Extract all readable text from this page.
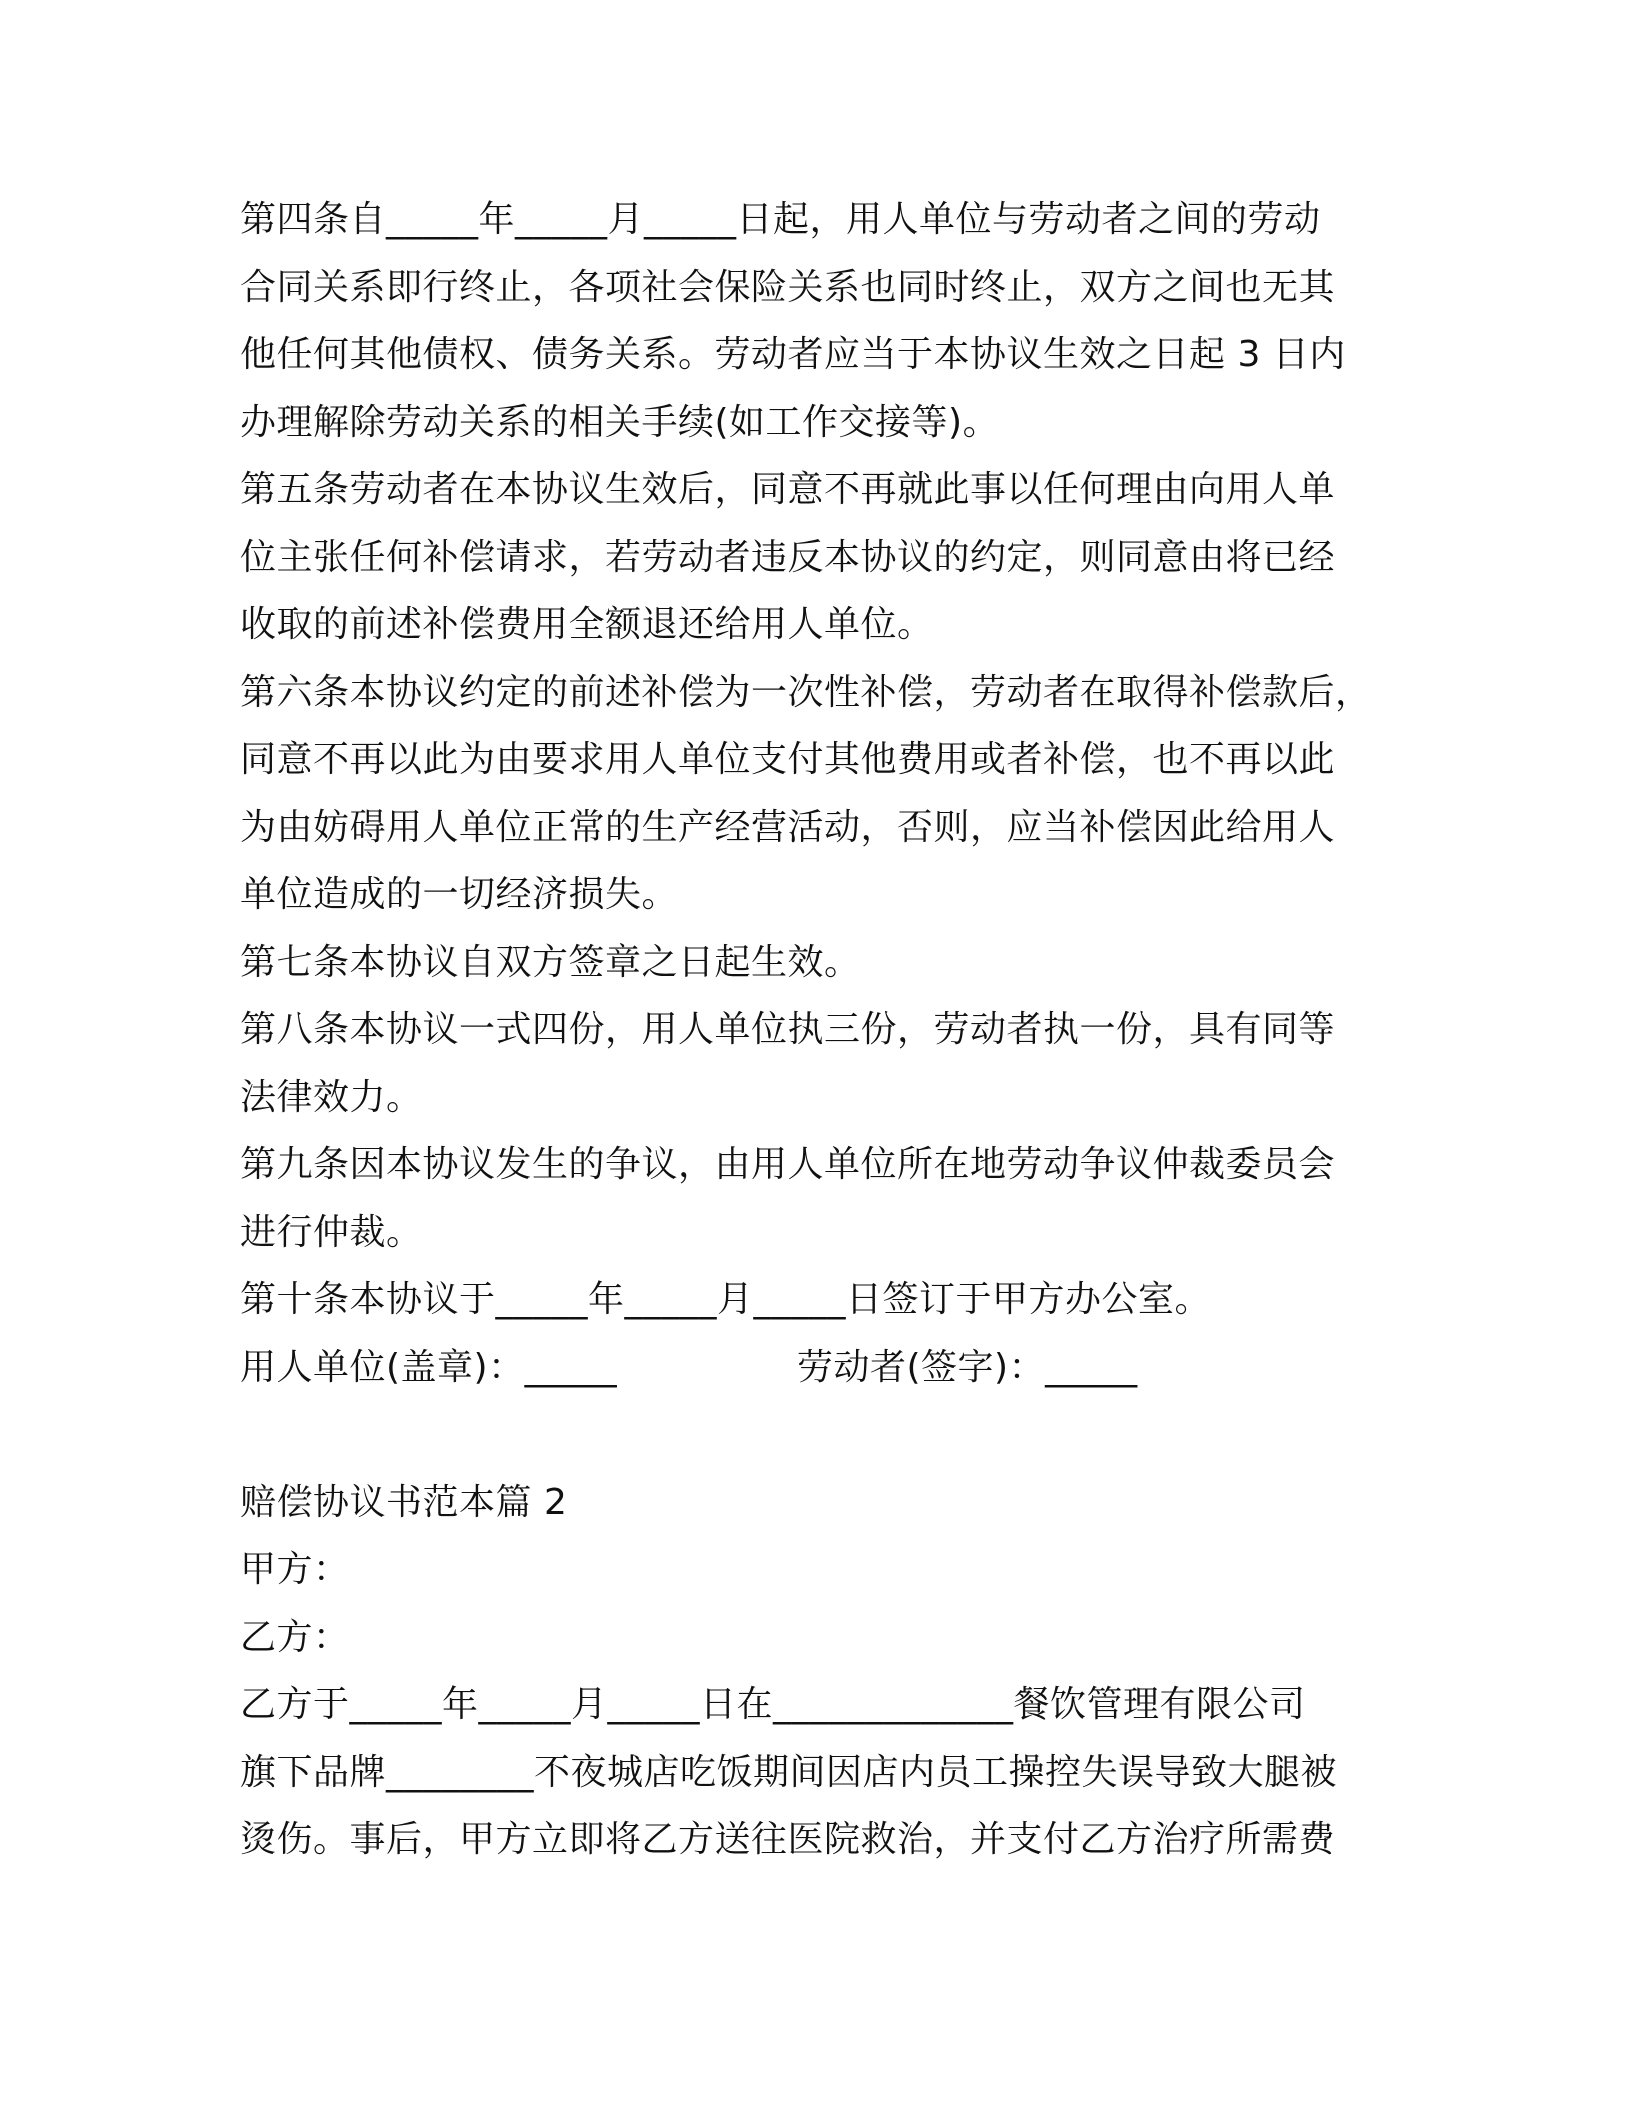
第四条自_____年_____月_____日起，用人单位与劳动者之间的劳动
合同关系即行终止，各项社会保险关系也同时终止，双方之间也无其
他任何其他债权、债务关系。劳动者应当于本协议生效之日起 3 日内
办理解除劳动关系的相关手续(如工作交接等)。
第五条劳动者在本协议生效后，同意不再就此事以任何理由向用人单
位主张任何补偿请求，若劳动者违反本协议的约定，则同意由将已经
收取的前述补偿费用全额退还给用人单位。
第六条本协议约定的前述补偿为一次性补偿，劳动者在取得补偿款后，
同意不再以此为由要求用人单位支付其他费用或者补偿，也不再以此
为由妨碍用人单位正常的生产经营活动，否则，应当补偿因此给用人
单位造成的一切经济损失。
第七条本协议自双方签章之日起生效。
第八条本协议一式四份，用人单位执三份，劳动者执一份，具有同等
法律效力。
第九条因本协议发生的争议，由用人单位所在地劳动争议仲裁委员会
进行仲裁。
第十条本协议于_____年_____月_____日签订于甲方办公室。
用人单位(盖章)：_____	劳动者(签字)：_____
赔偿协议书范本篇 2
甲方：
乙方：
乙方于_____年_____月_____日在_____________餐饮管理有限公司
旗下品牌________不夜城店吃饭期间因店内员工操控失误导致大腿被
烫伤。事后，甲方立即将乙方送往医院救治，并支付乙方治疗所需费
